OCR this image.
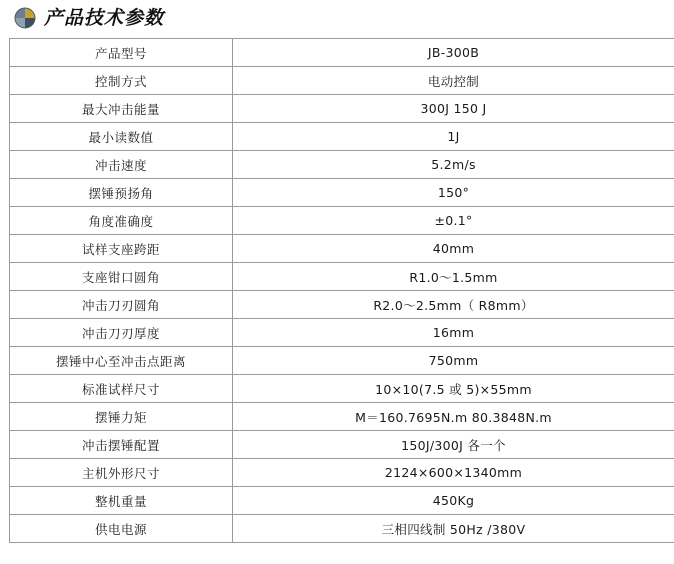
产品技术参数
产品型号	JB-300B
控制方式	电动控制
最大冲击能量	300J 150 J
最小读数值	1J
冲击速度	5.2m/s
摆锤预扬角	150°
角度准确度	±0.1°
试样支座跨距	40mm
支座钳口圆角	R1.0～1.5mm
冲击刀刃圆角	R2.0～2.5mm（ R8mm）
冲击刀刃厚度	16mm
摆锤中心至冲击点距离	750mm
标准试样尺寸	10×10(7.5 或 5)×55mm
摆锤力矩	M＝160.7695N.m 80.3848N.m
冲击摆锤配置	150J/300J 各一个
主机外形尺寸	2124×600×1340mm
整机重量	450Kg
供电电源	三相四线制 50Hz /380V
